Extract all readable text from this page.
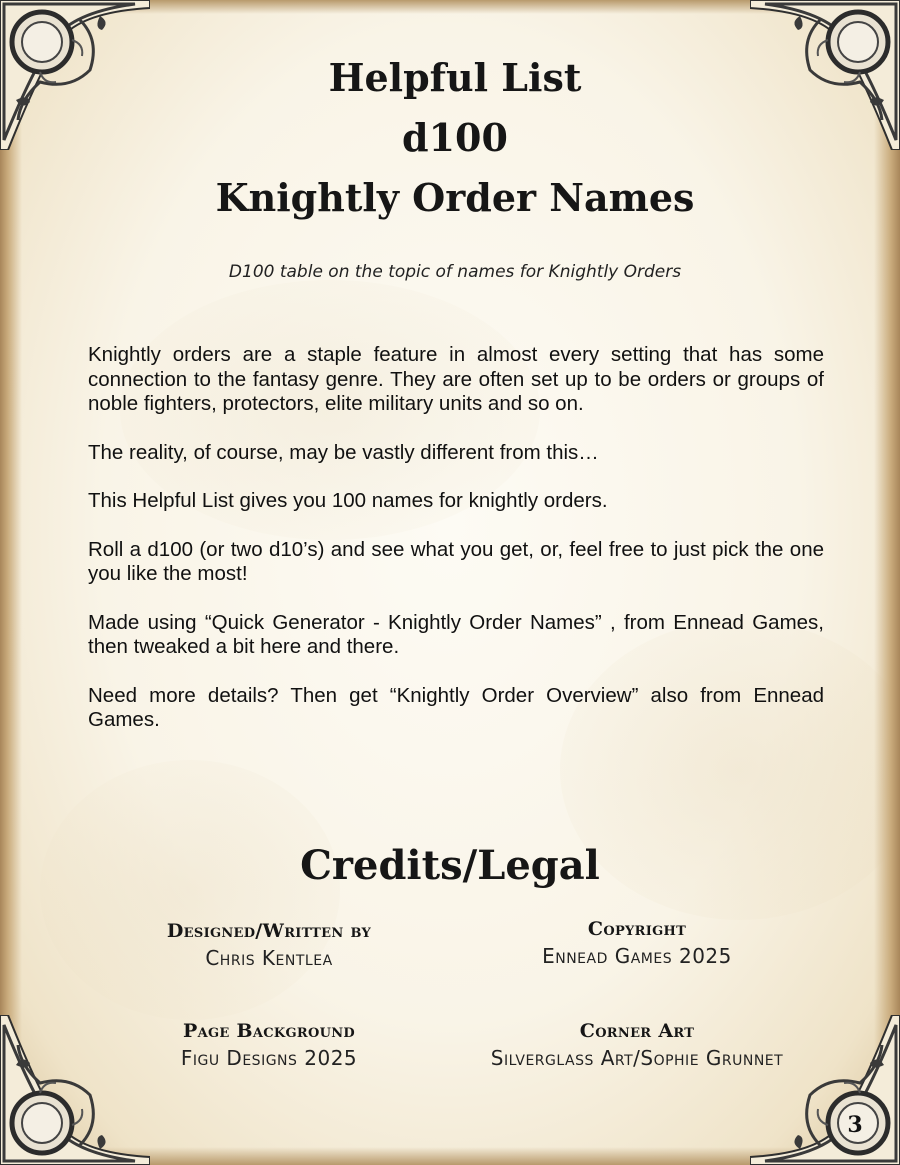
Helpful List
d100
Knightly Order Names
D100 table on the topic of names for Knightly Orders

Knightly orders are a staple feature in almost every setting that has some connection to the fantasy genre. They are often set up to be orders or groups of noble fighters, protectors, elite military units and so on.

The reality, of course, may be vastly different from this…

This Helpful List gives you 100 names for knightly orders.

Roll a d100 (or two d10’s) and see what you get, or, feel free to just pick the one you like the most!

Made using “Quick Generator - Knightly Order Names” , from Ennead Games, then tweaked a bit here and there.

Need more details? Then get “Knightly Order Overview” also from Ennead Games.

Credits/Legal
Designed/Written by
Chris Kentlea
Copyright
Ennead Games 2025
Page Background
Figu Designs 2025
Corner Art
Silverglass Art/Sophie Grunnet
3
